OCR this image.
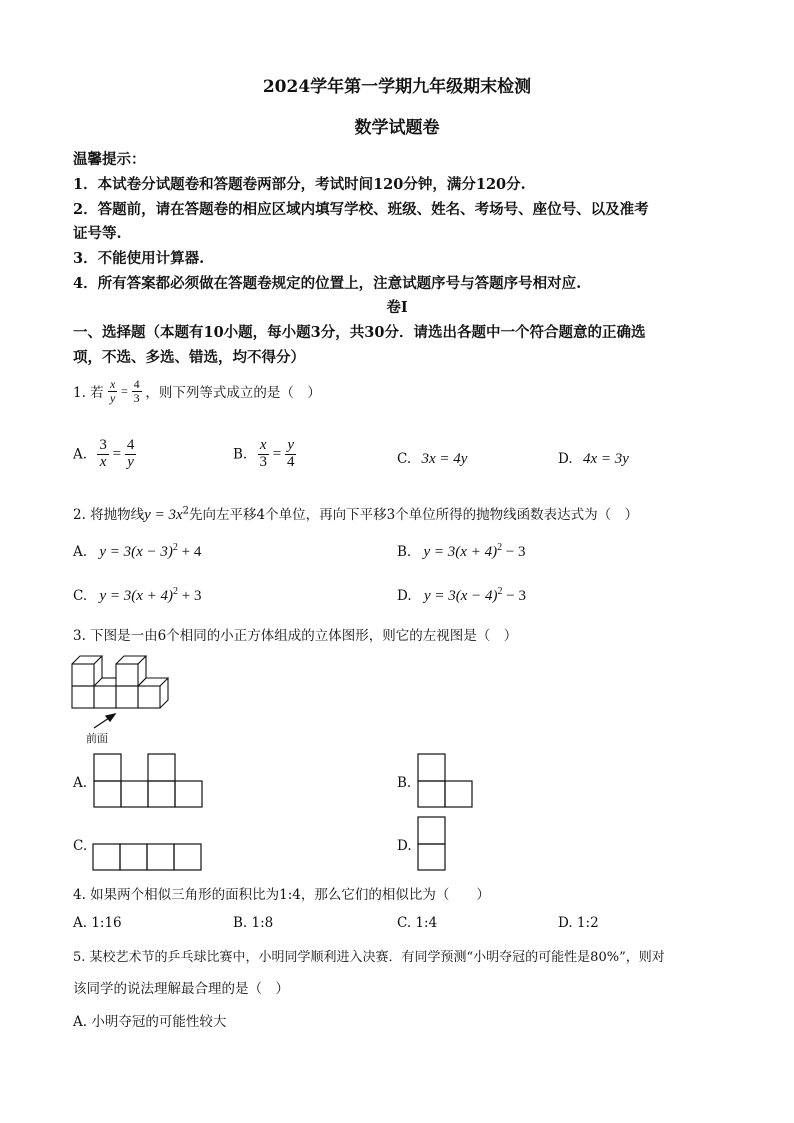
2024学年第一学期九年级期末检测
数学试题卷
温馨提示：
1．本试卷分试题卷和答题卷两部分，考试时间120分钟，满分120分.
2．答题前，请在答题卷的相应区域内填写学校、班级、姓名、考场号、座位号、以及准考
证号等.
3．不能使用计算器.
4．所有答案都必须做在答题卷规定的位置上，注意试题序号与答题序号相对应.
卷I
一、选择题（本题有10小题，每小题3分，共30分．请选出各题中一个符合题意的正确选
项，不选、多选、错选，均不得分）
1. 若 $\frac{x}{y} = \frac{4}{3}$ ，则下列等式成立的是（　）
A. $\frac{3}{x} = \frac{4}{y}$	B. $\frac{x}{3} = \frac{y}{4}$	C. 3x = 4y	D. 4x = 3y
2. 将抛物线$y = 3x^2$先向左平移4个单位，再向下平移3个单位所得的抛物线函数表达式为（　）
A. $y = 3(x - 3)^2 + 4$	B. $y = 3(x + 4)^2 - 3$
C. $y = 3(x + 4)^2 + 3$	D. $y = 3(x - 4)^2 - 3$
3. 下图是一由6个相同的小正方体组成的立体图形，则它的左视图是（　）
前面
A.	B.
C.	D.
4. 如果两个相似三角形的面积比为1:4，那么它们的相似比为（　　）
A. 1:16	B. 1:8	C. 1:4	D. 1:2
5. 某校艺术节的乒乓球比赛中，小明同学顺利进入决赛．有同学预测“小明夺冠的可能性是80%”，则对
该同学的说法理解最合理的是（　）
A. 小明夺冠的可能性较大
